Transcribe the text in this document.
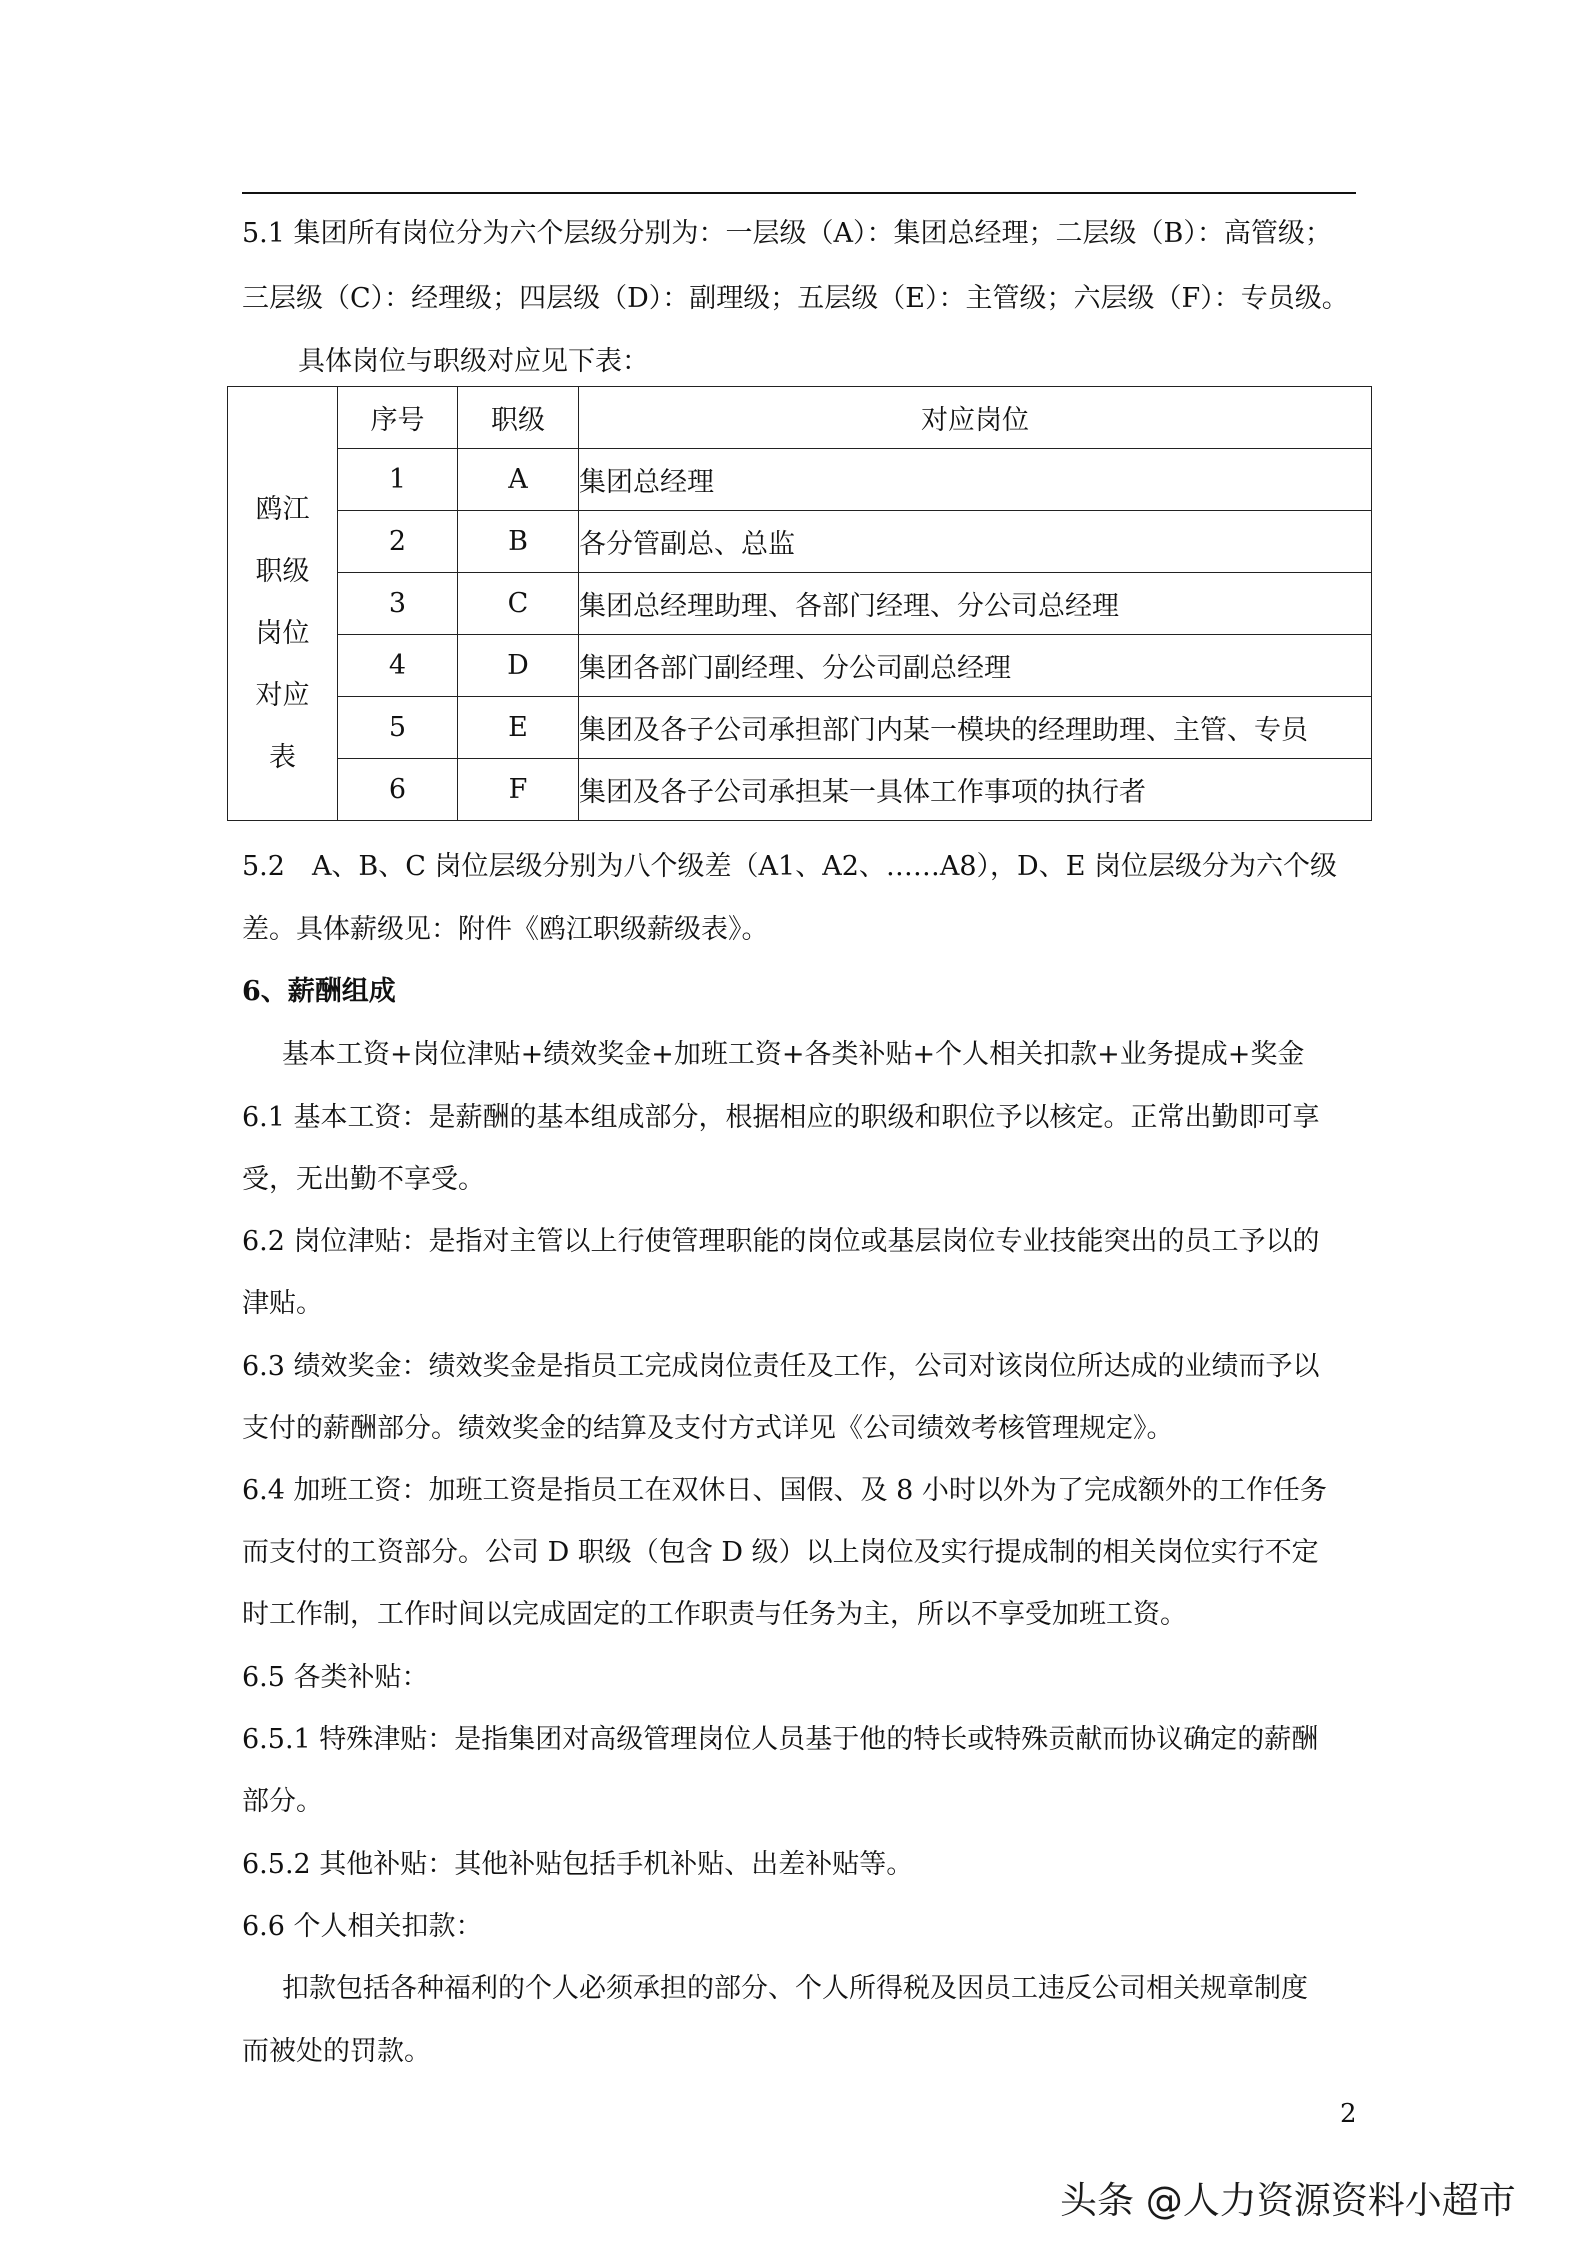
5.1 集团所有岗位分为六个层级分别为：一层级（A）：集团总经理；二层级（B）：高管级；
三层级（C）：经理级；四层级（D）：副理级；五层级（E）：主管级；六层级（F）：专员级。
具体岗位与职级对应见下表：
鸥江
职级
岗位
对应
表	序号	职级	对应岗位
	1	A	集团总经理
	2	B	各分管副总、总监
	3	C	集团总经理助理、各部门经理、分公司总经理
	4	D	集团各部门副经理、分公司副总经理
	5	E	集团及各子公司承担部门内某一模块的经理助理、主管、专员
	6	F	集团及各子公司承担某一具体工作事项的执行者
5.2　A、B、C 岗位层级分别为八个级差（A1、A2、……A8），D、E 岗位层级分为六个级
差。具体薪级见：附件《鸥江职级薪级表》。
6、薪酬组成
基本工资+岗位津贴+绩效奖金+加班工资+各类补贴+个人相关扣款+业务提成+奖金
6.1 基本工资：是薪酬的基本组成部分，根据相应的职级和职位予以核定。正常出勤即可享
受，无出勤不享受。
6.2 岗位津贴：是指对主管以上行使管理职能的岗位或基层岗位专业技能突出的员工予以的
津贴。
6.3 绩效奖金：绩效奖金是指员工完成岗位责任及工作，公司对该岗位所达成的业绩而予以
支付的薪酬部分。绩效奖金的结算及支付方式详见《公司绩效考核管理规定》。
6.4 加班工资：加班工资是指员工在双休日、国假、及 8 小时以外为了完成额外的工作任务
而支付的工资部分。公司 D 职级（包含 D 级）以上岗位及实行提成制的相关岗位实行不定
时工作制，工作时间以完成固定的工作职责与任务为主，所以不享受加班工资。
6.5 各类补贴：
6.5.1 特殊津贴：是指集团对高级管理岗位人员基于他的特长或特殊贡献而协议确定的薪酬
部分。
6.5.2 其他补贴：其他补贴包括手机补贴、出差补贴等。
6.6 个人相关扣款：
扣款包括各种福利的个人必须承担的部分、个人所得税及因员工违反公司相关规章制度
而被处的罚款。
2
头条 @人力资源资料小超市
